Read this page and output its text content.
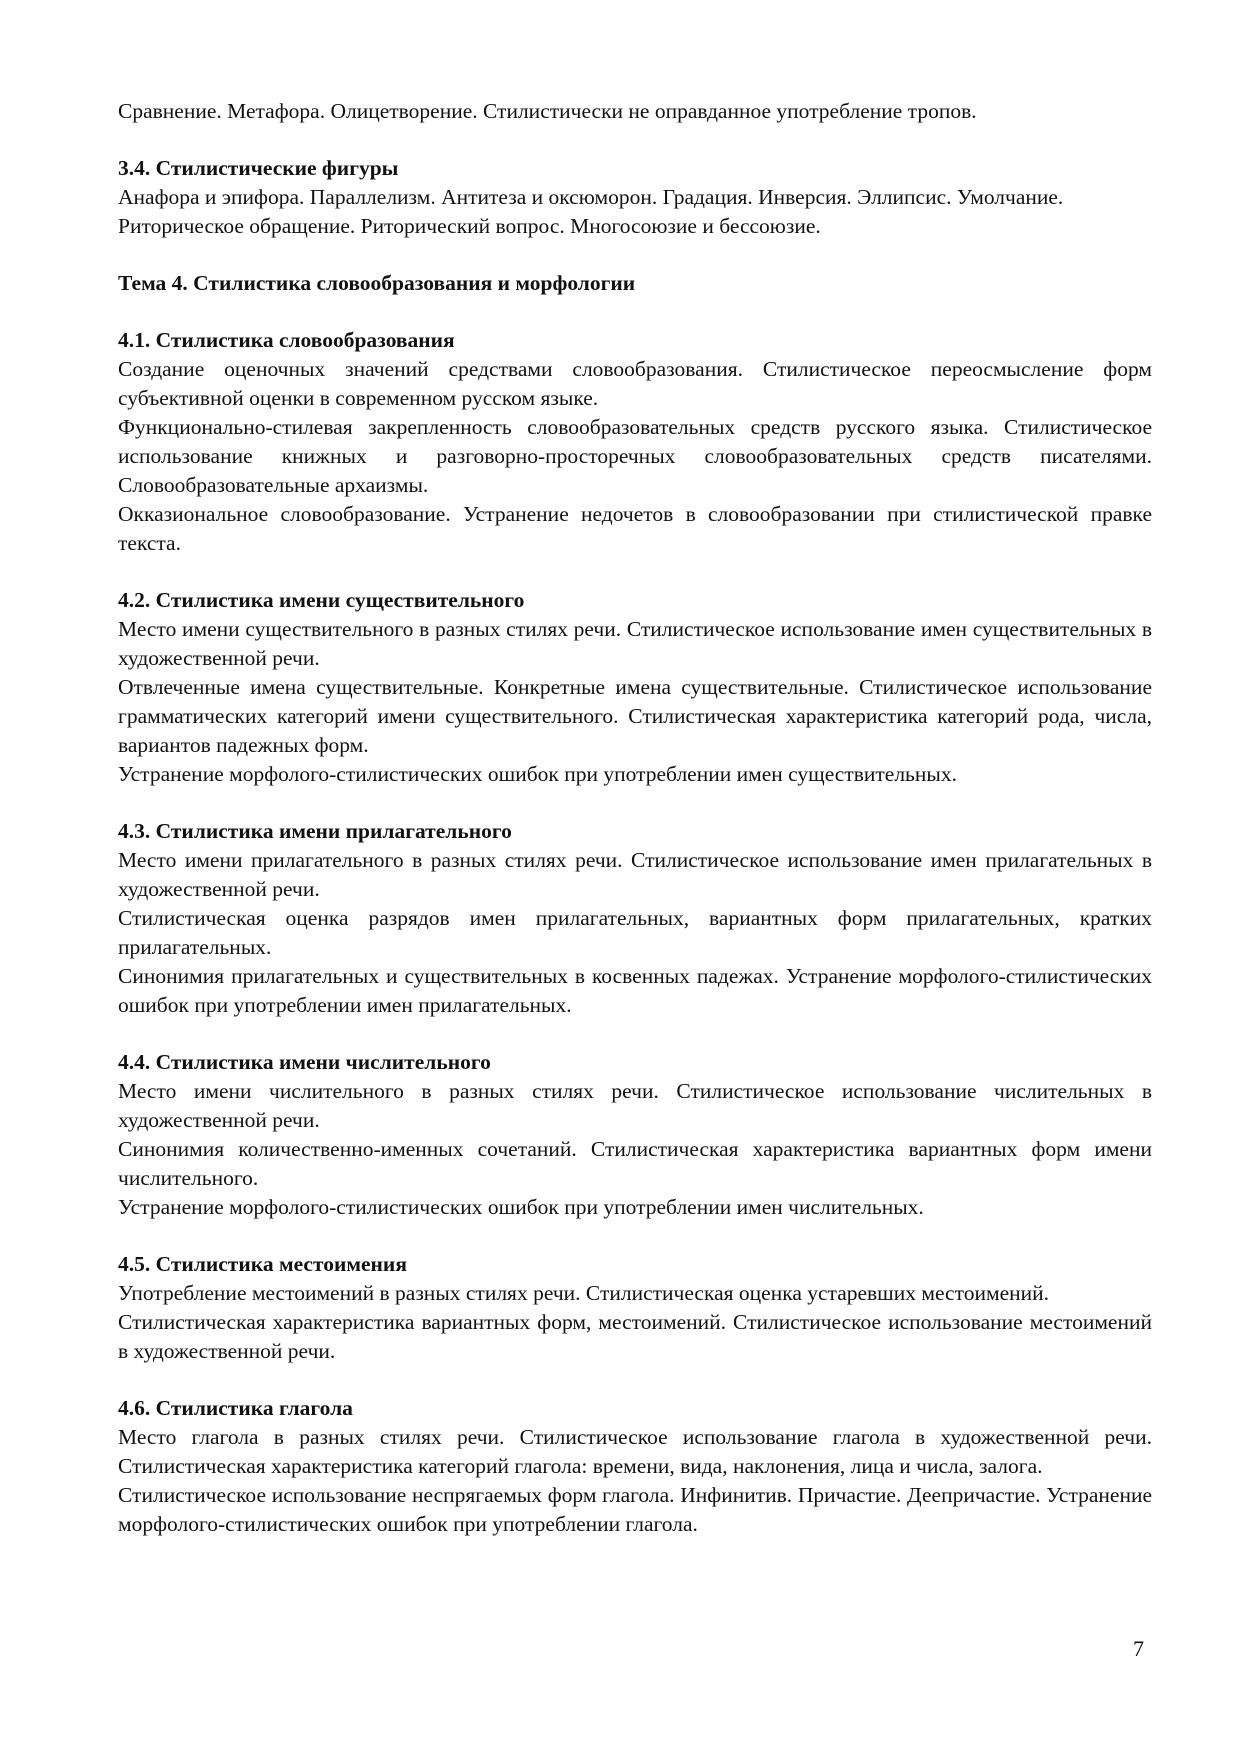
Сравнение. Метафора. Олицетворение. Стилистически не оправданное употребление тропов.

3.4. Стилистические фигуры

Анафора и эпифора. Параллелизм. Антитеза и оксюморон. Градация. Инверсия. Эллипсис. Умолчание.

Риторическое обращение. Риторический вопрос. Многосоюзие и бессоюзие.

Тема 4. Стилистика словообразования и морфологии

4.1. Стилистика словообразования

Создание оценочных значений средствами словообразования. Стилистическое переосмысление форм субъективной оценки в современном русском языке.

Функционально-стилевая закрепленность словообразовательных средств русского языка. Стилистическое использование книжных и разговорно-просторечных словообразовательных средств писателями. Словообразовательные архаизмы.

Окказиональное словообразование. Устранение недочетов в словообразовании при стилистической правке текста.

4.2. Стилистика имени существительного

Место имени существительного в разных стилях речи. Стилистическое использование имен существительных в художественной речи.

Отвлеченные имена существительные. Конкретные имена существительные. Стилистическое использование грамматических категорий имени существительного. Стилистическая характеристика категорий рода, числа, вариантов падежных форм.

Устранение морфолого-стилистических ошибок при употреблении имен существительных.

4.3. Стилистика имени прилагательного

Место имени прилагательного в разных стилях речи. Стилистическое использование имен прилагательных в художественной речи.

Стилистическая оценка разрядов имен прилагательных, вариантных форм прилагательных, кратких прилагательных.

Синонимия прилагательных и существительных в косвенных падежах. Устранение морфолого-стилистических ошибок при употреблении имен прилагательных.

4.4. Стилистика имени числительного

Место имени числительного в разных стилях речи. Стилистическое использование числительных в художественной речи.

Синонимия количественно-именных сочетаний. Стилистическая характеристика вариантных форм имени числительного.

Устранение морфолого-стилистических ошибок при употреблении имен числительных.

4.5. Стилистика местоимения

Употребление местоимений в разных стилях речи. Стилистическая оценка устаревших местоимений.

Стилистическая характеристика вариантных форм, местоимений. Стилистическое использование местоимений в художественной речи.

4.6. Стилистика глагола

Место глагола в разных стилях речи. Стилистическое использование глагола в художественной речи. Стилистическая характеристика категорий глагола: времени, вида, наклонения, лица и числа, залога.

Стилистическое использование неспрягаемых форм глагола. Инфинитив. Причастие. Деепричастие. Устранение морфолого-стилистических ошибок при употреблении глагола.

7
